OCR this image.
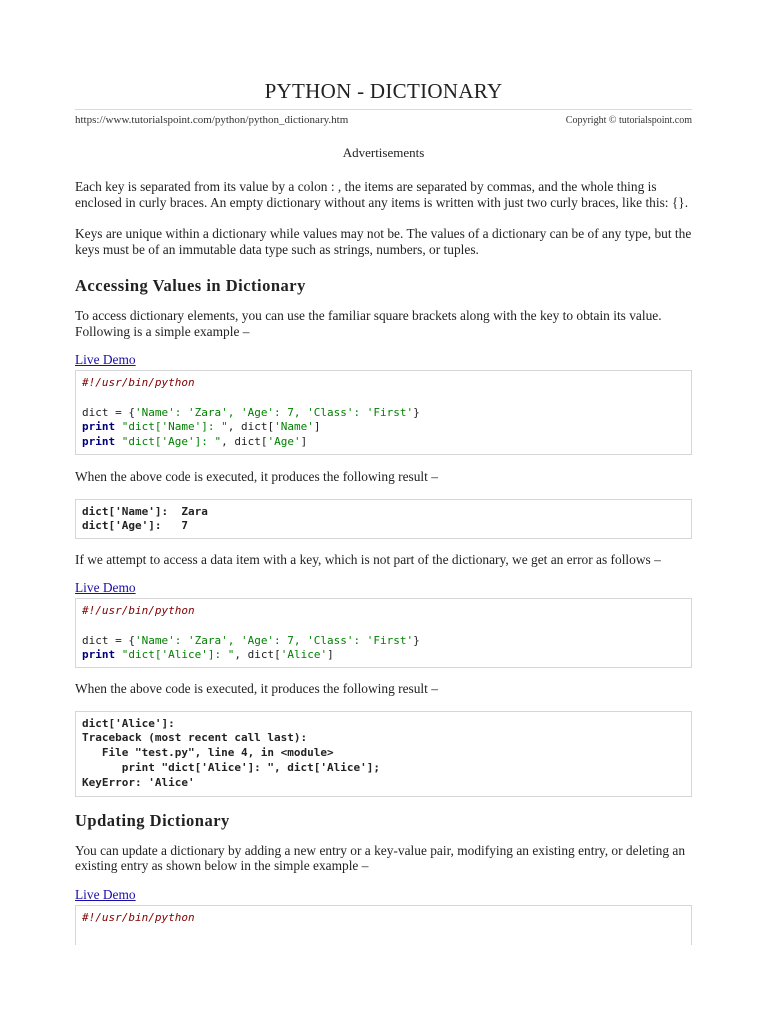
PYTHON - DICTIONARY
https://www.tutorialspoint.com/python/python_dictionary.htm	Copyright © tutorialspoint.com
Advertisements

Each key is separated from its value by a colon : , the items are separated by commas, and the whole thing is enclosed in curly braces. An empty dictionary without any items is written with just two curly braces, like this: {}.

Keys are unique within a dictionary while values may not be. The values of a dictionary can be of any type, but the keys must be of an immutable data type such as strings, numbers, or tuples.

Accessing Values in Dictionary

To access dictionary elements, you can use the familiar square brackets along with the key to obtain its value. Following is a simple example –

Live Demo
#!/usr/bin/python

dict = {'Name': 'Zara', 'Age': 7, 'Class': 'First'}
print "dict['Name']: ", dict['Name']
print "dict['Age']: ", dict['Age']

When the above code is executed, it produces the following result –

dict['Name']:  Zara
dict['Age']:   7

If we attempt to access a data item with a key, which is not part of the dictionary, we get an error as follows –

Live Demo
#!/usr/bin/python

dict = {'Name': 'Zara', 'Age': 7, 'Class': 'First'}
print "dict['Alice']: ", dict['Alice']

When the above code is executed, it produces the following result –

dict['Alice']:
Traceback (most recent call last):
File "test.py", line 4, in <module>
print "dict['Alice']: ", dict['Alice'];
KeyError: 'Alice'
Updating Dictionary

You can update a dictionary by adding a new entry or a key-value pair, modifying an existing entry, or deleting an existing entry as shown below in the simple example –

Live Demo
#!/usr/bin/python
